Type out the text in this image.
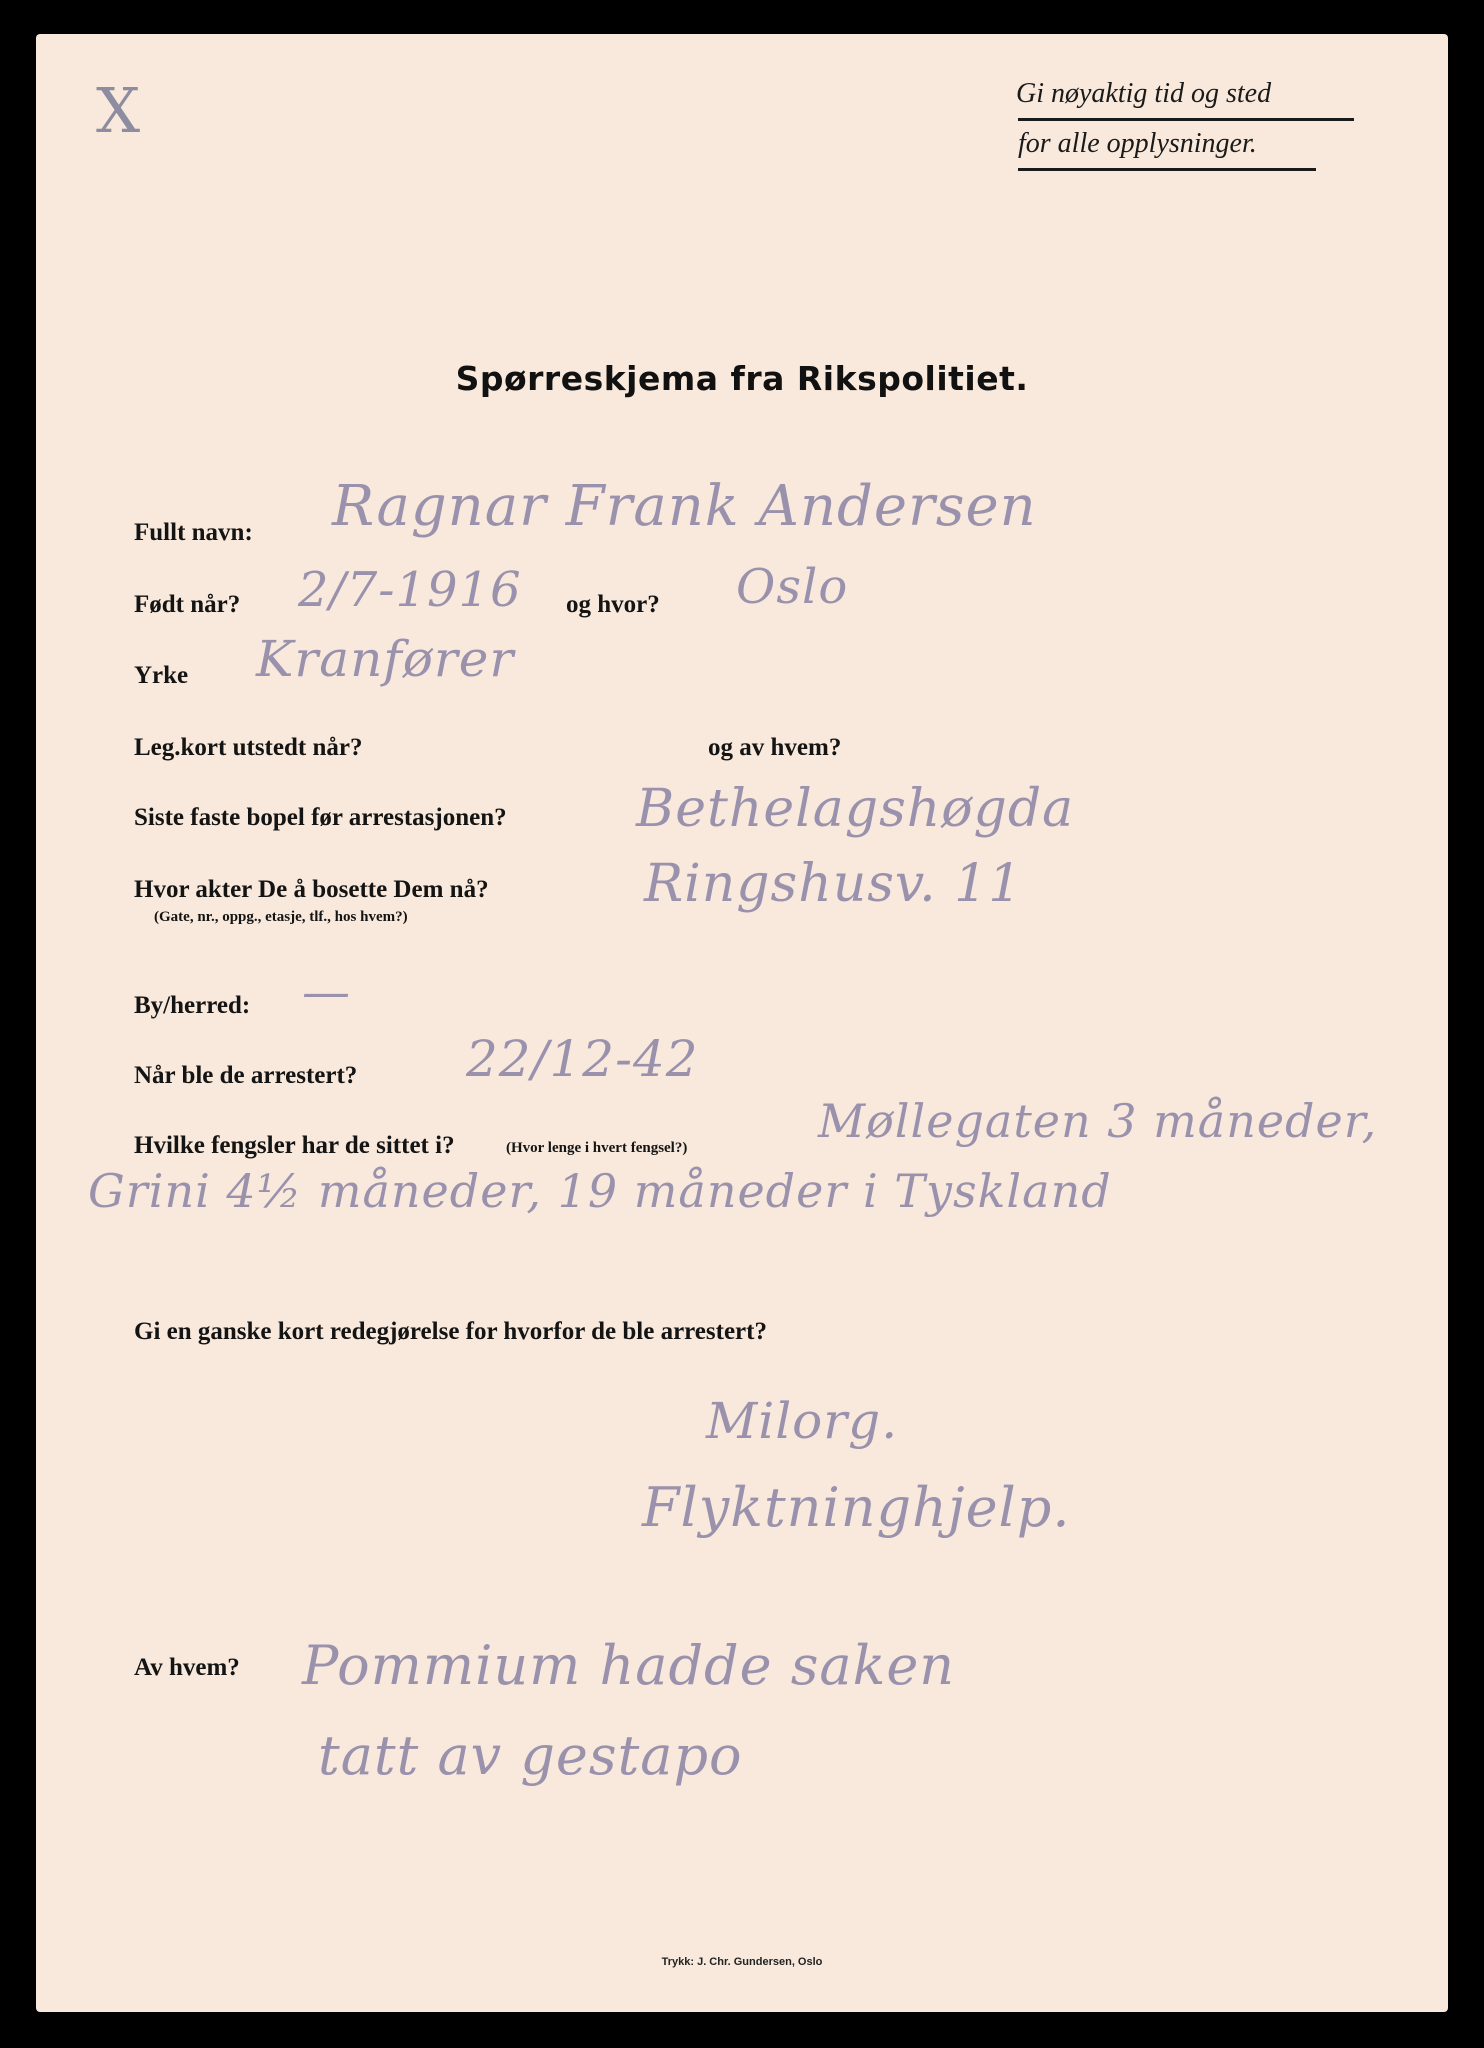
X	Gi nøyaktig tid og sted
for alle opplysninger.
Spørreskjema fra Rikspolitiet.
Fullt navn: Ragnar Frank Andersen
Født når? 2/7-1916 og hvor? Oslo
Yrke Kranfører
Leg.kort utstedt når?	og av hvem?
Siste faste bopel før arrestasjonen? Bethelagshøgda
Hvor akter De å bosette Dem nå?
(Gate, nr., oppg., etasje, tlf., hos hvem?)
Ringshusv. 11
By/herred: —
Når ble de arrestert? 22/12-42
Hvilke fengsler har de sittet i?	(Hvor lenge i hvert fengsel?)	Møllegaten 3 måneder,
Grini 4½ måneder, 19 måneder i Tyskland
Gi en ganske kort redegjørelse for hvorfor de ble arrestert?
Milorg.
Flyktninghjelp.
Av hvem? Pommium hadde saken
tatt av gestapo
Trykk: J. Chr. Gundersen, Oslo
